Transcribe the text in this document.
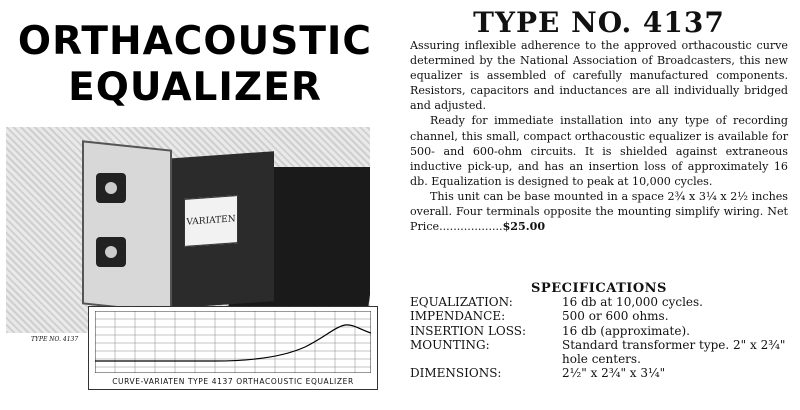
ORTHACOUSTIC
EQUALIZER
VARIATEN
TYPE NO. 4137
CURVE-VARIATEN TYPE 4137 ORTHACOUSTIC EQUALIZER
TYPE NO. 4137

Assuring inflexible adherence to the approved orthacoustic curve determined by the National Association of Broadcasters, this new equalizer is assembled of carefully manufactured components. Resistors, capacitors and inductances are all individually bridged and adjusted.

Ready for immediate installation into any type of recording channel, this small, compact orthacoustic equalizer is available for 500- and 600-ohm circuits. It is shielded against extraneous inductive pick-up, and has an insertion loss of approximately 16 db. Equalization is designed to peak at 10,000 cycles.

This unit can be base mounted in a space 2¾ x 3¼ x 2½ inches overall. Four terminals opposite the mounting simplify wiring. Net Price..................$25.00

SPECIFICATIONS
EQUALIZATION:	16 db at 10,000 cycles.
IMPENDANCE:	500 or 600 ohms.
INSERTION LOSS:	16 db (approximate).
MOUNTING:	Standard transformer type. 2" x 2¾" hole centers.
DIMENSIONS:	2½" x 2¾" x 3¼"
